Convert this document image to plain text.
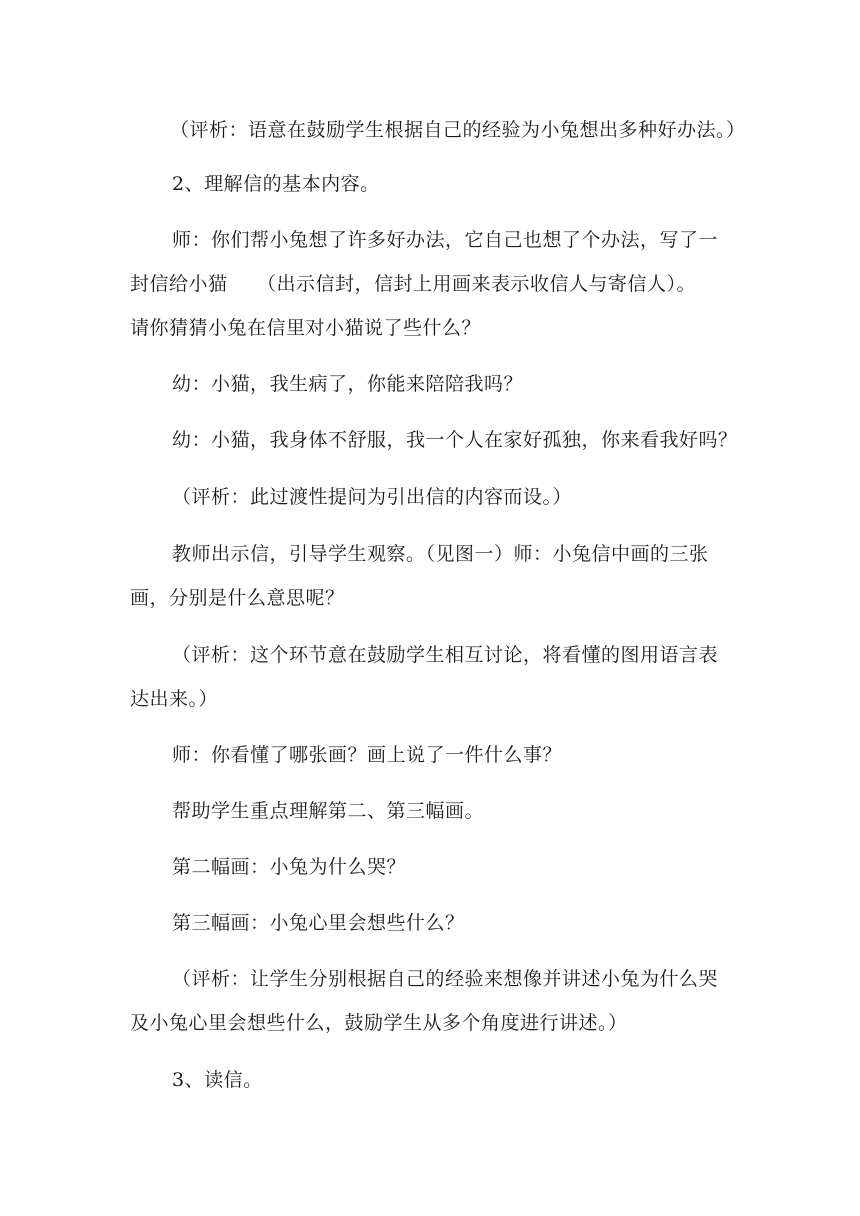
（评析：语意在鼓励学生根据自己的经验为小兔想出多种好办法。）
2、理解信的基本内容。
师：你们帮小兔想了许多好办法，它自己也想了个办法，写了一
封信给小猫　　（出示信封，信封上用画来表示收信人与寄信人）。
请你猜猜小兔在信里对小猫说了些什么？
幼：小猫，我生病了，你能来陪陪我吗？
幼：小猫，我身体不舒服，我一个人在家好孤独，你来看我好吗？
（评析：此过渡性提问为引出信的内容而设。）
教师出示信，引导学生观察。（见图一）师：小兔信中画的三张
画，分别是什么意思呢？
（评析：这个环节意在鼓励学生相互讨论，将看懂的图用语言表
达出来。）
师：你看懂了哪张画？画上说了一件什么事？
帮助学生重点理解第二、第三幅画。
第二幅画：小兔为什么哭？
第三幅画：小兔心里会想些什么？
（评析：让学生分别根据自己的经验来想像并讲述小兔为什么哭
及小兔心里会想些什么，鼓励学生从多个角度进行讲述。）
3、读信。
